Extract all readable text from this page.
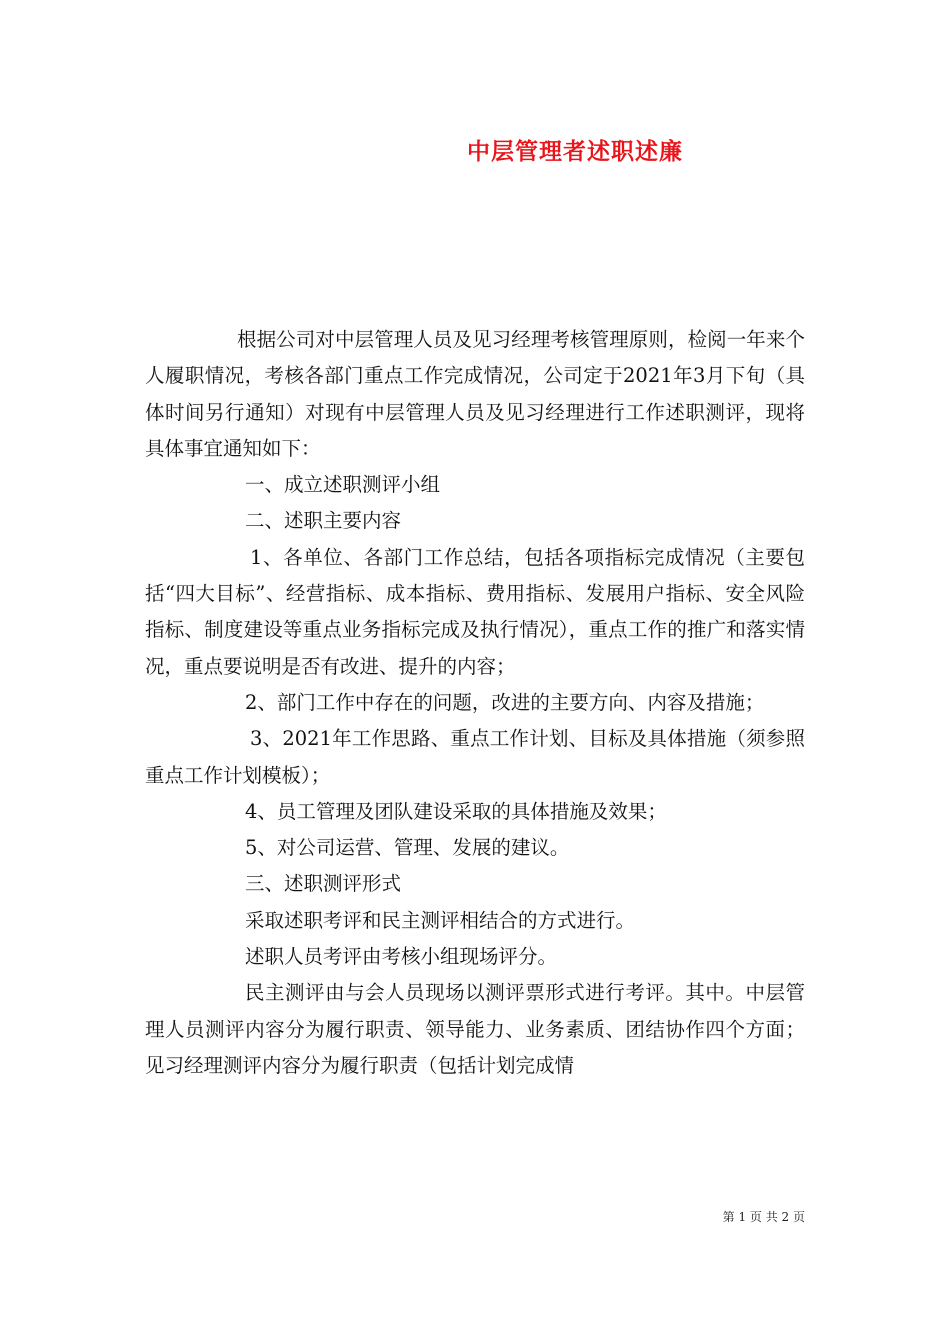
中层管理者述职述廉

根据公司对中层管理人员及见习经理考核管理原则，检阅一年来个人履职情况，考核各部门重点工作完成情况，公司定于2021年3月下旬（具体时间另行通知）对现有中层管理人员及见习经理进行工作述职测评，现将具体事宜通知如下：

一、成立述职测评小组

二、述职主要内容

1、各单位、各部门工作总结，包括各项指标完成情况（主要包括“四大目标”、经营指标、成本指标、费用指标、发展用户指标、安全风险指标、制度建设等重点业务指标完成及执行情况），重点工作的推广和落实情况，重点要说明是否有改进、提升的内容；

2、部门工作中存在的问题，改进的主要方向、内容及措施；

3、2021年工作思路、重点工作计划、目标及具体措施（须参照重点工作计划模板）；

4、员工管理及团队建设采取的具体措施及效果；

5、对公司运营、管理、发展的建议。

三、述职测评形式

采取述职考评和民主测评相结合的方式进行。

述职人员考评由考核小组现场评分。

民主测评由与会人员现场以测评票形式进行考评。其中。中层管理人员测评内容分为履行职责、领导能力、业务素质、团结协作四个方面；见习经理测评内容分为履行职责（包括计划完成情

第 1 页 共 2 页
